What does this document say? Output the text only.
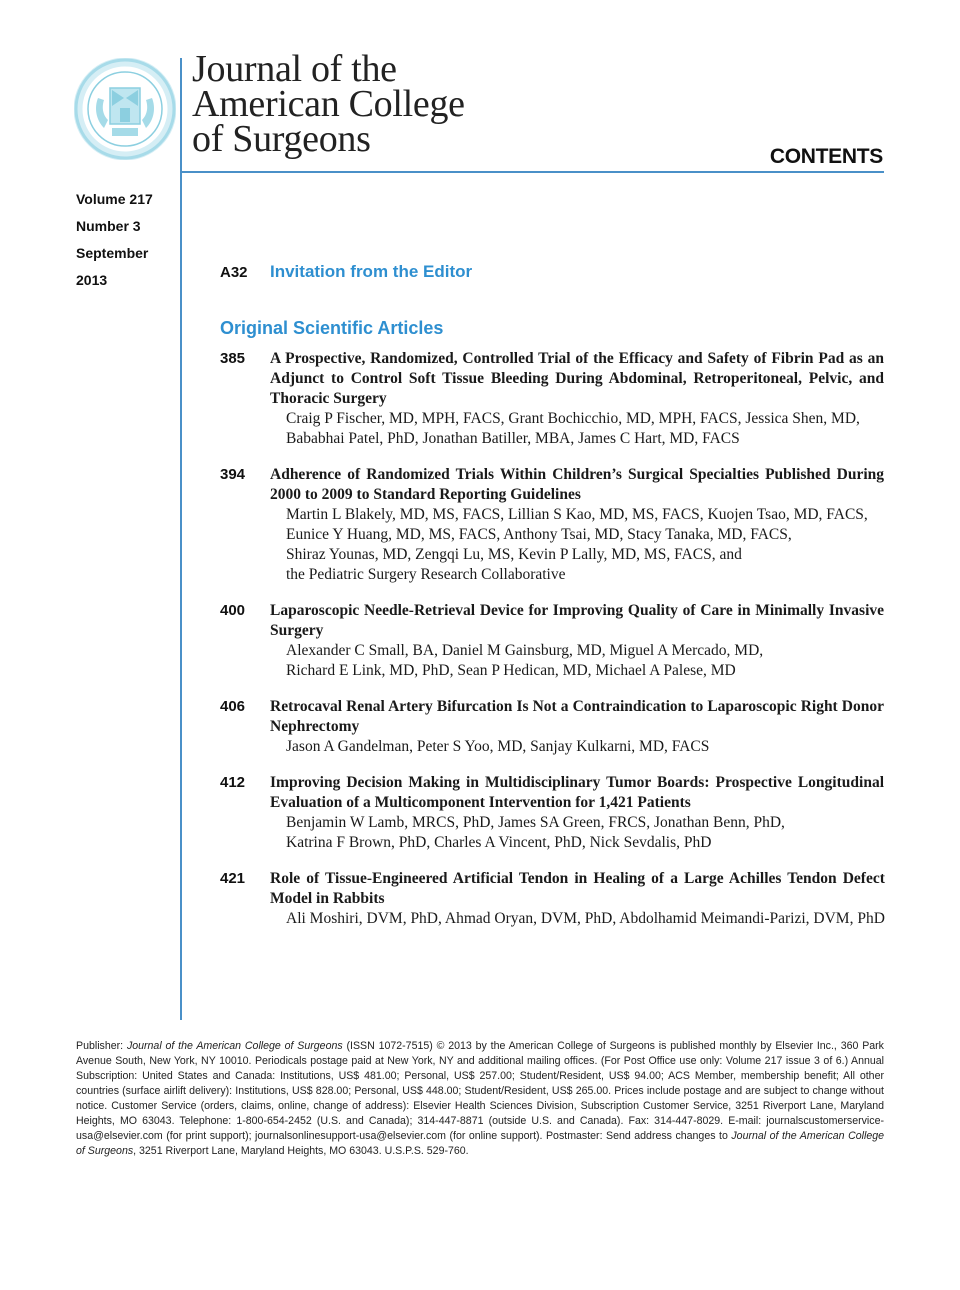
Journal of the
American College
of Surgeons	CONTENTS
Volume 217
Number 3
September
2013	A32	Invitation from the Editor
Original Scientific Articles
385	A Prospective, Randomized, Controlled Trial of the Efficacy and Safety of Fibrin Pad as an Adjunct to Control Soft Tissue Bleeding During Abdominal, Retroperitoneal, Pelvic, and Thoracic Surgery
Craig P Fischer, MD, MPH, FACS, Grant Bochicchio, MD, MPH, FACS, Jessica Shen, MD,
Bababhai Patel, PhD, Jonathan Batiller, MBA, James C Hart, MD, FACS
394	Adherence of Randomized Trials Within Children’s Surgical Specialties Published During 2000 to 2009 to Standard Reporting Guidelines
Martin L Blakely, MD, MS, FACS, Lillian S Kao, MD, MS, FACS, Kuojen Tsao, MD, FACS,
Eunice Y Huang, MD, MS, FACS, Anthony Tsai, MD, Stacy Tanaka, MD, FACS,
Shiraz Younas, MD, Zengqi Lu, MS, Kevin P Lally, MD, MS, FACS, and
the Pediatric Surgery Research Collaborative
400	Laparoscopic Needle-Retrieval Device for Improving Quality of Care in Minimally Invasive Surgery
Alexander C Small, BA, Daniel M Gainsburg, MD, Miguel A Mercado, MD,
Richard E Link, MD, PhD, Sean P Hedican, MD, Michael A Palese, MD
406	Retrocaval Renal Artery Bifurcation Is Not a Contraindication to Laparoscopic Right Donor Nephrectomy
Jason A Gandelman, Peter S Yoo, MD, Sanjay Kulkarni, MD, FACS
412	Improving Decision Making in Multidisciplinary Tumor Boards: Prospective Longitudinal Evaluation of a Multicomponent Intervention for 1,421 Patients
Benjamin W Lamb, MRCS, PhD, James SA Green, FRCS, Jonathan Benn, PhD,
Katrina F Brown, PhD, Charles A Vincent, PhD, Nick Sevdalis, PhD
421	Role of Tissue-Engineered Artificial Tendon in Healing of a Large Achilles Tendon Defect Model in Rabbits
Ali Moshiri, DVM, PhD, Ahmad Oryan, DVM, PhD, Abdolhamid Meimandi-Parizi, DVM, PhD
Publisher: Journal of the American College of Surgeons (ISSN 1072-7515) © 2013 by the American College of Surgeons is published monthly by Elsevier Inc., 360 Park Avenue South, New York, NY 10010. Periodicals postage paid at New York, NY and additional mailing offices. (For Post Office use only: Volume 217 issue 3 of 6.) Annual Subscription: United States and Canada: Institutions, US$ 481.00; Personal, US$ 257.00; Student/Resident, US$ 94.00; ACS Member, membership benefit; All other countries (surface airlift delivery): Institutions, US$ 828.00; Personal, US$ 448.00; Student/Resident, US$ 265.00. Prices include postage and are subject to change without notice. Customer Service (orders, claims, online, change of address): Elsevier Health Sciences Division, Subscription Customer Service, 3251 Riverport Lane, Maryland Heights, MO 63043. Telephone: 1-800-654-2452 (U.S. and Canada); 314-447-8871 (outside U.S. and Canada). Fax: 314-447-8029. E-mail: journalscustomerservice-usa@elsevier.com (for print support); journalsonlinesupport-usa@elsevier.com (for online support). Postmaster: Send address changes to Journal of the American College of Surgeons, 3251 Riverport Lane, Maryland Heights, MO 63043. U.S.P.S. 529-760.
